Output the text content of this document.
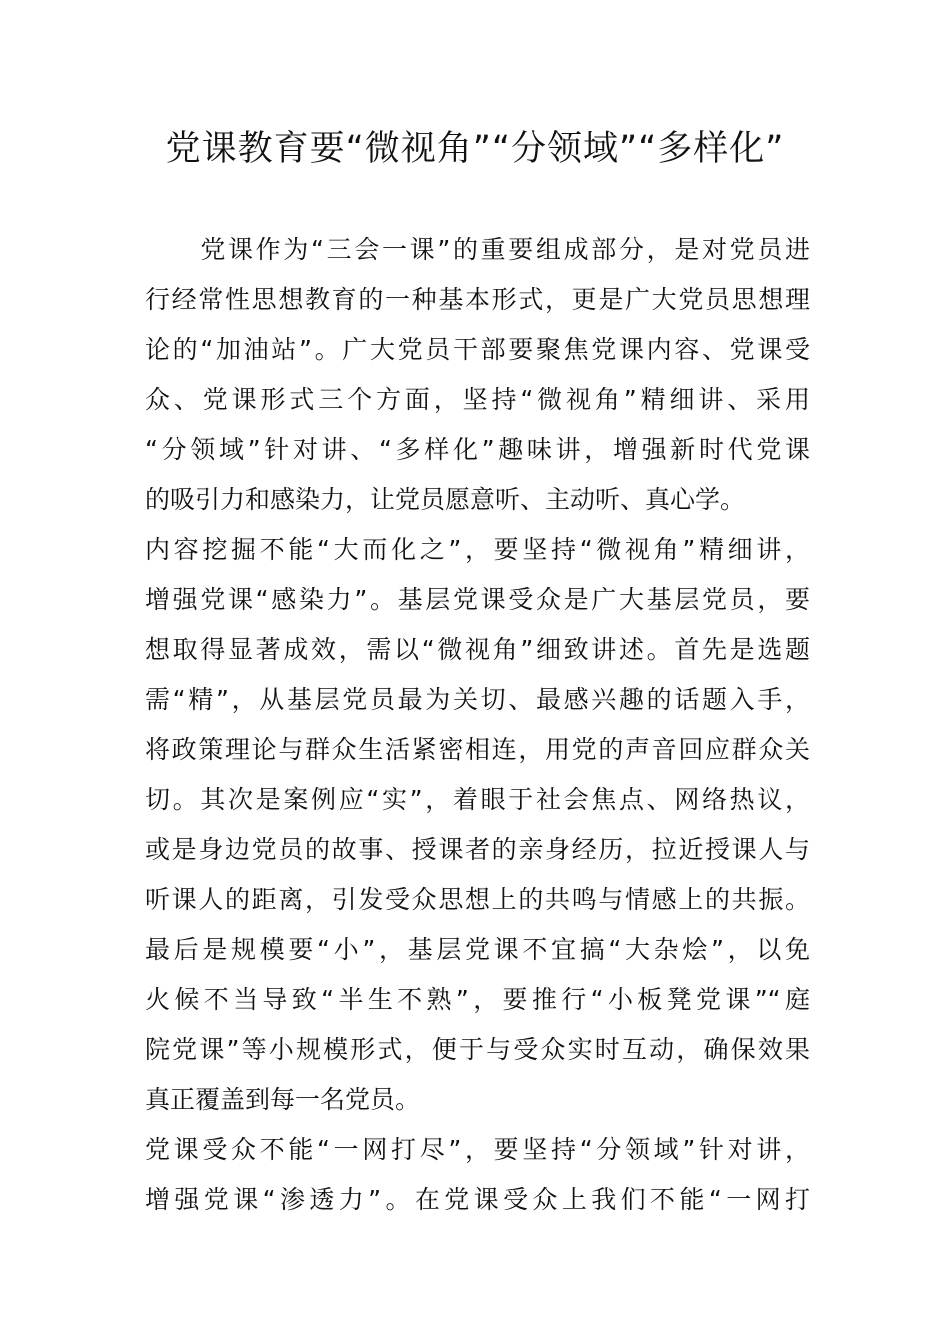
党课教育要“微视角”“分领域”“多样化”

　　党课作为“三会一课”的重要组成部分，是对党员进

行经常性思想教育的一种基本形式，更是广大党员思想理

论的“加油站”。广大党员干部要聚焦党课内容、党课受

众、党课形式三个方面，坚持“微视角”精细讲、采用

“分领域”针对讲、“多样化”趣味讲，增强新时代党课

的吸引力和感染力，让党员愿意听、主动听、真心学。

内容挖掘不能“大而化之”，要坚持“微视角”精细讲，

增强党课“感染力”。基层党课受众是广大基层党员，要

想取得显著成效，需以“微视角”细致讲述。首先是选题

需“精”，从基层党员最为关切、最感兴趣的话题入手，

将政策理论与群众生活紧密相连，用党的声音回应群众关

切。其次是案例应“实”，着眼于社会焦点、网络热议，

或是身边党员的故事、授课者的亲身经历，拉近授课人与

听课人的距离，引发受众思想上的共鸣与情感上的共振。

最后是规模要“小”，基层党课不宜搞“大杂烩”，以免

火候不当导致“半生不熟”，要推行“小板凳党课”“庭

院党课”等小规模形式，便于与受众实时互动，确保效果

真正覆盖到每一名党员。

党课受众不能“一网打尽”，要坚持“分领域”针对讲，

增强党课“渗透力”。在党课受众上我们不能“一网打
